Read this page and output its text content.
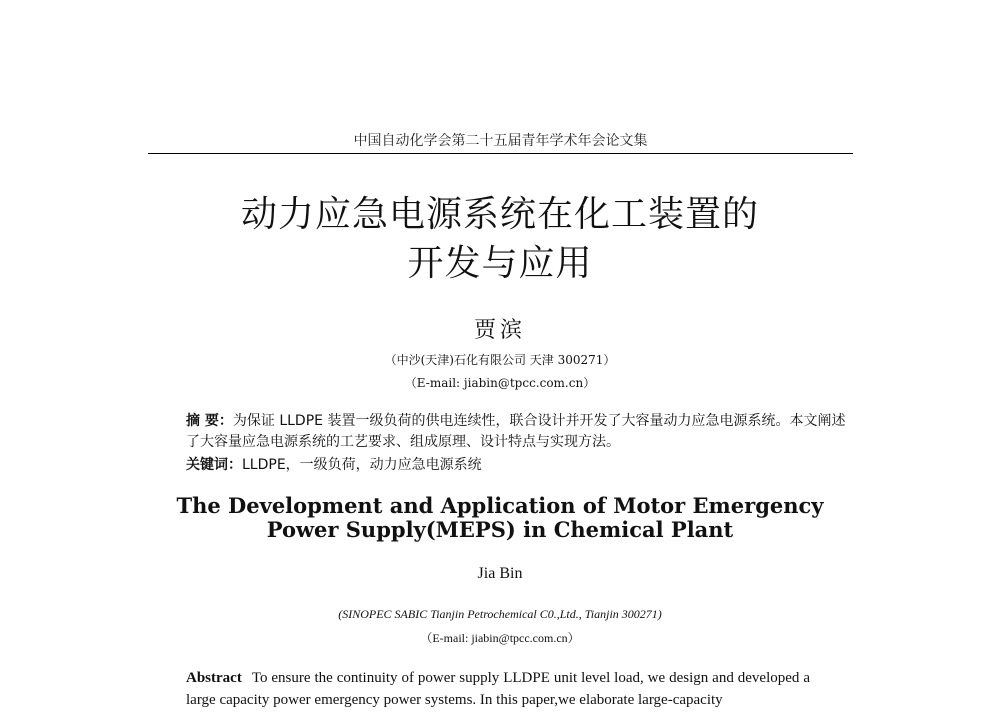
中国自动化学会第二十五届青年学术年会论文集
动力应急电源系统在化工装置的
开发与应用
贾滨
（中沙(天津)石化有限公司 天津 300271）
（E-mail: jiabin@tpcc.com.cn）
摘 要：为保证 LLDPE 装置一级负荷的供电连续性，联合设计并开发了大容量动力应急电源系统。本文阐述了大容量应急电源系统的工艺要求、组成原理、设计特点与实现方法。
关键词：LLDPE，一级负荷，动力应急电源系统
The Development and Application of Motor Emergency
Power Supply(MEPS) in Chemical Plant
Jia Bin
(SINOPEC SABIC Tianjin Petrochemical C0.,Ltd., Tianjin 300271)
（E-mail: jiabin@tpcc.com.cn）
Abstract To ensure the continuity of power supply LLDPE unit level load, we design and developed a large capacity power emergency power systems. In this paper,we elaborate large-capacity
